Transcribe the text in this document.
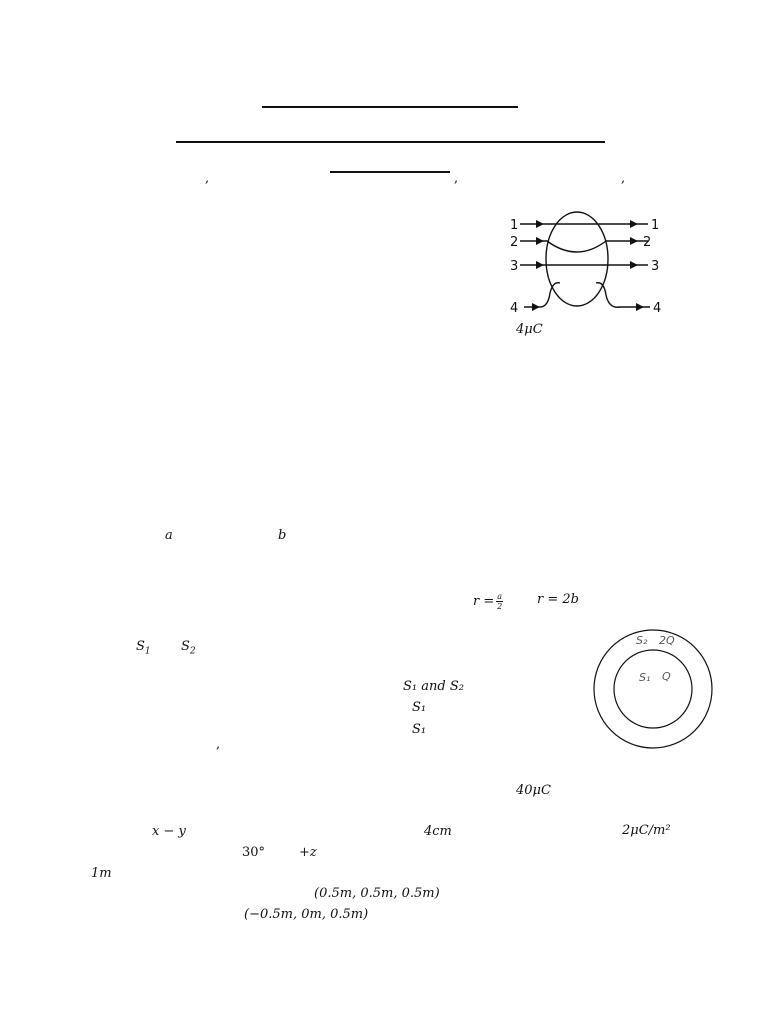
,	,	,
1
2
3
4
1
2
3
4
4μC
a	b
$r = \frac{a}{2}$	r = 2b
$S_1$ $S_2$
S₁ and S₂
S₁
S₁
,
S₂ 2Q
S₁ Q
40μC
x − y	4cm	2μC/m²
30°	+z
1m
(0.5m, 0.5m, 0.5m)
(−0.5m, 0m, 0.5m)
